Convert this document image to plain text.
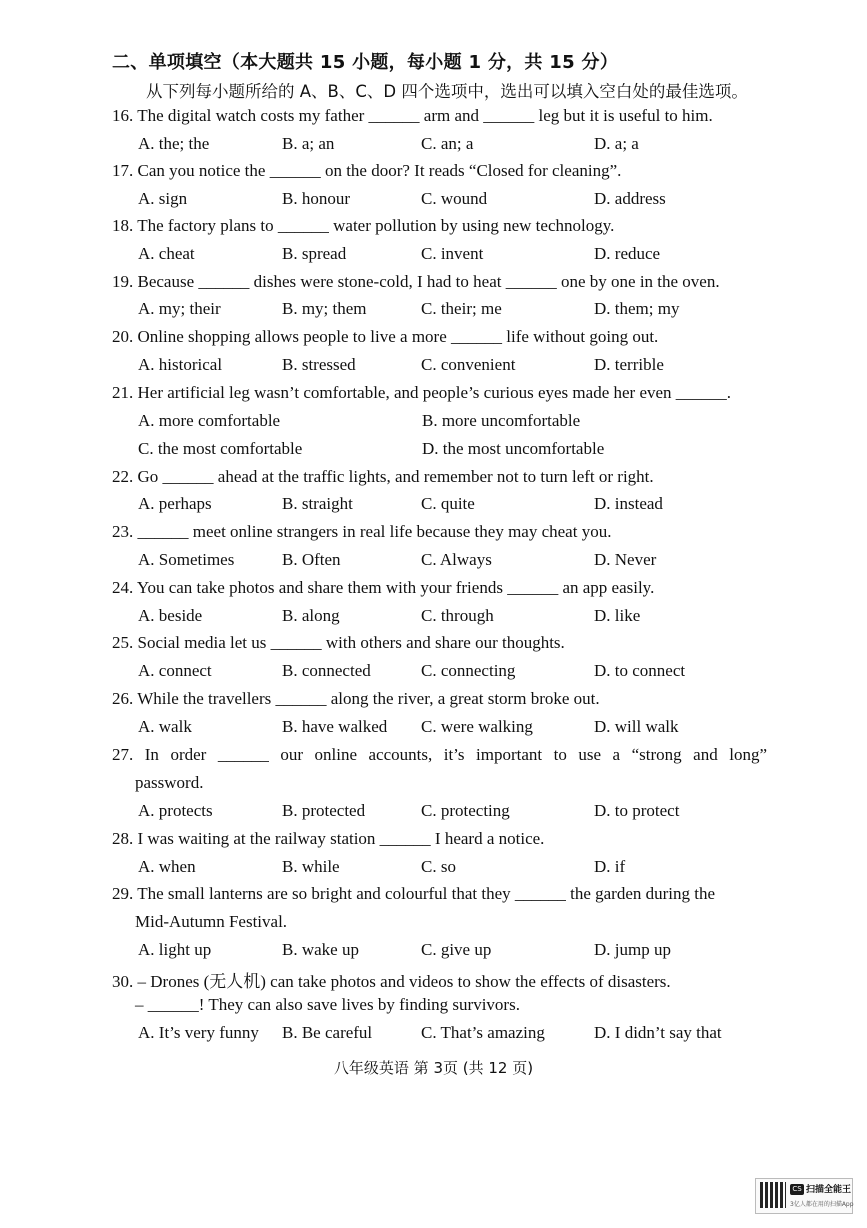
二、单项填空（本大题共 15 小题，每小题 1 分，共 15 分）
从下列每小题所给的 A、B、C、D 四个选项中，选出可以填入空白处的最佳选项。
16. The digital watch costs my father ______ arm and ______ leg but it is useful to him.
A. the; the	B. a; an	C. an; a	D. a; a
17. Can you notice the ______ on the door? It reads “Closed for cleaning”.
A. sign	B. honour	C. wound	D. address
18. The factory plans to ______ water pollution by using new technology.
A. cheat	B. spread	C. invent	D. reduce
19. Because ______ dishes were stone-cold, I had to heat ______ one by one in the oven.
A. my; their	B. my; them	C. their; me	D. them; my
20. Online shopping allows people to live a more ______ life without going out.
A. historical	B. stressed	C. convenient	D. terrible
21. Her artificial leg wasn’t comfortable, and people’s curious eyes made her even ______.
A. more comfortable	B. more uncomfortable
C. the most comfortable	D. the most uncomfortable
22. Go ______ ahead at the traffic lights, and remember not to turn left or right.
A. perhaps	B. straight	C. quite	D. instead
23. ______ meet online strangers in real life because they may cheat you.
A. Sometimes	B. Often	C. Always	D. Never
24. You can take photos and share them with your friends ______ an app easily.
A. beside	B. along	C. through	D. like
25. Social media let us ______ with others and share our thoughts.
A. connect	B. connected	C. connecting	D. to connect
26. While the travellers ______ along the river, a great storm broke out.
A. walk	B. have walked C. were walking	D. will walk
27. In order ______ our online accounts, it’s important to use a “strong and long”
password.
A. protects	B. protected	C. protecting	D. to protect
28. I was waiting at the railway station ______ I heard a notice.
A. when	B. while	C. so	D. if
29. The small lanterns are so bright and colourful that they ______ the garden during the
Mid-Autumn Festival.
A. light up	B. wake up	C. give up	D. jump up
30. – Drones (无人机) can take photos and videos to show the effects of disasters.
– ______! They can also save lives by finding survivors.
A. It’s very funny B. Be careful	C. That’s amazing	D. I didn’t say that
八年级英语 第 3页 (共 12 页)
CS 扫描全能王
3亿人都在用的扫描App
